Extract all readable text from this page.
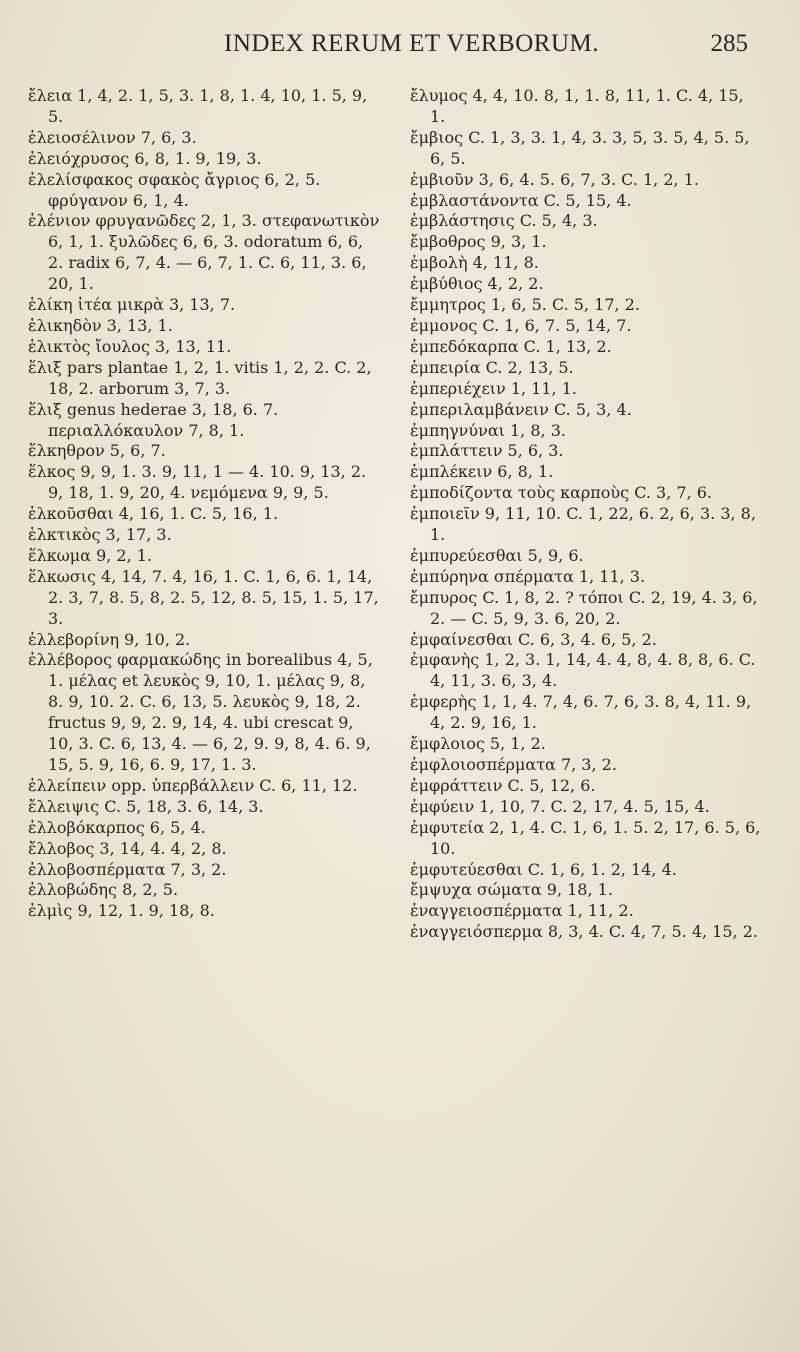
INDEX RERUM ET VERBORUM.	285
ἔλεια 1, 4, 2. 1, 5, 3. 1, 8, 1. 4, 10, 1. 5, 9, 5.
ἐλειοσέλινον 7, 6, 3.
ἐλειόχρυσος 6, 8, 1. 9, 19, 3.
ἐλελίσφακος σφακὸς ἄγριος 6, 2, 5. φρύγανον 6, 1, 4.
ἐλένιον φρυγανῶδες 2, 1, 3. στεφανωτικὸν 6, 1, 1. ξυλῶδες 6, 6, 3. odoratum 6, 6, 2. radix 6, 7, 4. — 6, 7, 1. C. 6, 11, 3. 6, 20, 1.
ἑλίκη ἰτέα μικρὰ 3, 13, 7.
ἑλικηδὸν 3, 13, 1.
ἑλικτὸς ἴουλος 3, 13, 11.
ἕλιξ pars plantae 1, 2, 1. vitis 1, 2, 2. C. 2, 18, 2. arborum 3, 7, 3.
ἕλιξ genus hederae 3, 18, 6. 7. περιαλλόκαυλον 7, 8, 1.
ἕλκηθρον 5, 6, 7.
ἕλκος 9, 9, 1. 3. 9, 11, 1 — 4. 10. 9, 13, 2. 9, 18, 1. 9, 20, 4. νεμόμενα 9, 9, 5.
ἑλκοῦσθαι 4, 16, 1. C. 5, 16, 1.
ἑλκτικὸς 3, 17, 3.
ἕλκωμα 9, 2, 1.
ἕλκωσις 4, 14, 7. 4, 16, 1. C. 1, 6, 6. 1, 14, 2. 3, 7, 8. 5, 8, 2. 5, 12, 8. 5, 15, 1. 5, 17, 3.
ἐλλεβορίνη 9, 10, 2.
ἐλλέβορος φαρμακώδης in borealibus 4, 5, 1. μέλας et λευκὸς 9, 10, 1. μέλας 9, 8, 8. 9, 10. 2. C. 6, 13, 5. λευκὸς 9, 18, 2. fructus 9, 9, 2. 9, 14, 4. ubi crescat 9, 10, 3. C. 6, 13, 4. — 6, 2, 9. 9, 8, 4. 6. 9, 15, 5. 9, 16, 6. 9, 17, 1. 3.
ἐλλείπειν opp. ὑπερβάλλειν C. 6, 11, 12.
ἔλλειψις C. 5, 18, 3. 6, 14, 3.
ἐλλοβόκαρπος 6, 5, 4.
ἔλλοβος 3, 14, 4. 4, 2, 8.
ἐλλοβοσπέρματα 7, 3, 2.
ἐλλοβώδης 8, 2, 5.
ἐλμὶς 9, 12, 1. 9, 18, 8.
ἔλυμος 4, 4, 10. 8, 1, 1. 8, 11, 1. C. 4, 15, 1.
ἔμβιος C. 1, 3, 3. 1, 4, 3. 3, 5, 3. 5, 4, 5. 5, 6, 5.
ἐμβιοῦν 3, 6, 4. 5. 6, 7, 3. C. 1, 2, 1.
ἐμβλαστάνοντα C. 5, 15, 4.
ἐμβλάστησις C. 5, 4, 3.
ἔμβοθρος 9, 3, 1.
ἐμβολὴ 4, 11, 8.
ἐμβύθιος 4, 2, 2.
ἔμμητρος 1, 6, 5. C. 5, 17, 2.
ἐμμονος C. 1, 6, 7. 5, 14, 7.
ἐμπεδόκαρπα C. 1, 13, 2.
ἐμπειρία C. 2, 13, 5.
ἐμπεριέχειν 1, 11, 1.
ἐμπεριλαμβάνειν C. 5, 3, 4.
ἐμπηγνύναι 1, 8, 3.
ἐμπλάττειν 5, 6, 3.
ἐμπλέκειν 6, 8, 1.
ἐμποδίζοντα τοὺς καρποὺς C. 3, 7, 6.
ἐμποιεῖν 9, 11, 10. C. 1, 22, 6. 2, 6, 3. 3, 8, 1.
ἐμπυρεύεσθαι 5, 9, 6.
ἐμπύρηνα σπέρματα 1, 11, 3.
ἔμπυρος C. 1, 8, 2. ? τόποι C. 2, 19, 4. 3, 6, 2. — C. 5, 9, 3. 6, 20, 2.
ἐμφαίνεσθαι C. 6, 3, 4. 6, 5, 2.
ἐμφανὴς 1, 2, 3. 1, 14, 4. 4, 8, 4. 8, 8, 6. C. 4, 11, 3. 6, 3, 4.
ἐμφερὴς 1, 1, 4. 7, 4, 6. 7, 6, 3. 8, 4, 11. 9, 4, 2. 9, 16, 1.
ἔμφλοιος 5, 1, 2.
ἐμφλοιοσπέρματα 7, 3, 2.
ἐμφράττειν C. 5, 12, 6.
ἐμφύειν 1, 10, 7. C. 2, 17, 4. 5, 15, 4.
ἐμφυτεία 2, 1, 4. C. 1, 6, 1. 5. 2, 17, 6. 5, 6, 10.
ἐμφυτεύεσθαι C. 1, 6, 1. 2, 14, 4.
ἔμψυχα σώματα 9, 18, 1.
ἐναγγειοσπέρματα 1, 11, 2.
ἐναγγειόσπερμα 8, 3, 4. C. 4, 7, 5. 4, 15, 2.
